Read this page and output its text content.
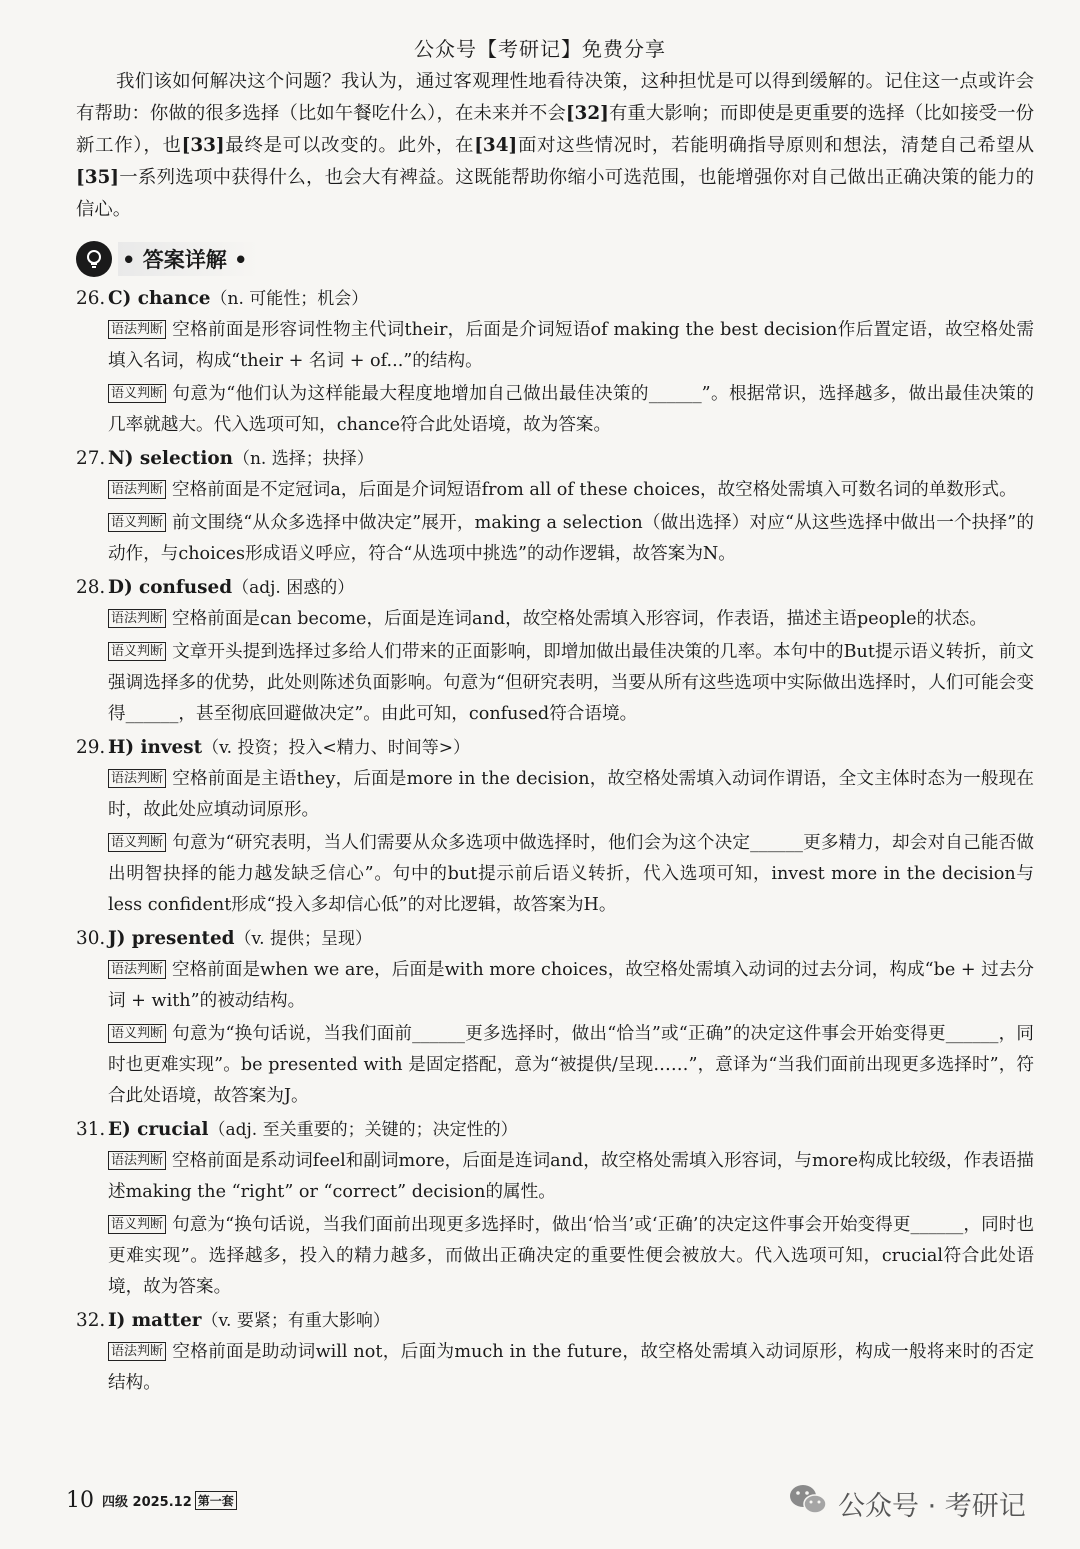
公众号【考研记】免费分享
我们该如何解决这个问题？我认为，通过客观理性地看待决策，这种担忧是可以得到缓解的。记住这一点或许会有帮助：你做的很多选择（比如午餐吃什么），在未来并不会[32]有重大影响；而即使是更重要的选择（比如接受一份新工作），也[33]最终是可以改变的。此外，在[34]面对这些情况时，若能明确指导原则和想法，清楚自己希望从[35]一系列选项中获得什么，也会大有裨益。这既能帮助你缩小可选范围，也能增强你对自己做出正确决策的能力的信心。
• 答案详解 •
26. C) chance（n. 可能性；机会）
语法判断 空格前面是形容词性物主代词their，后面是介词短语of making the best decision作后置定语，故空格处需填入名词，构成“their + 名词 + of...”的结构。
语义判断 句意为“他们认为这样能最大程度地增加自己做出最佳决策的______”。根据常识，选择越多，做出最佳决策的几率就越大。代入选项可知，chance符合此处语境，故为答案。
27. N) selection（n. 选择；抉择）
语法判断 空格前面是不定冠词a，后面是介词短语from all of these choices，故空格处需填入可数名词的单数形式。
语义判断 前文围绕“从众多选择中做决定”展开，making a selection（做出选择）对应“从这些选择中做出一个抉择”的动作，与choices形成语义呼应，符合“从选项中挑选”的动作逻辑，故答案为N。
28. D) confused（adj. 困惑的）
语法判断 空格前面是can become，后面是连词and，故空格处需填入形容词，作表语，描述主语people的状态。
语义判断 文章开头提到选择过多给人们带来的正面影响，即增加做出最佳决策的几率。本句中的But提示语义转折，前文强调选择多的优势，此处则陈述负面影响。句意为“但研究表明，当要从所有这些选项中实际做出选择时，人们可能会变得______，甚至彻底回避做决定”。由此可知，confused符合语境。
29. H) invest（v. 投资；投入<精力、时间等>）
语法判断 空格前面是主语they，后面是more in the decision，故空格处需填入动词作谓语，全文主体时态为一般现在时，故此处应填动词原形。
语义判断 句意为“研究表明，当人们需要从众多选项中做选择时，他们会为这个决定______更多精力，却会对自己能否做出明智抉择的能力越发缺乏信心”。句中的but提示前后语义转折，代入选项可知，invest more in the decision与less confident形成“投入多却信心低”的对比逻辑，故答案为H。
30. J) presented（v. 提供；呈现）
语法判断 空格前面是when we are，后面是with more choices，故空格处需填入动词的过去分词，构成“be + 过去分词 + with”的被动结构。
语义判断 句意为“换句话说，当我们面前______更多选择时，做出“恰当”或“正确”的决定这件事会开始变得更______，同时也更难实现”。be presented with 是固定搭配，意为“被提供/呈现……”，意译为“当我们面前出现更多选择时”，符合此处语境，故答案为J。
31. E) crucial（adj. 至关重要的；关键的；决定性的）
语法判断 空格前面是系动词feel和副词more，后面是连词and，故空格处需填入形容词，与more构成比较级，作表语描述making the “right” or “correct” decision的属性。
语义判断 句意为“换句话说，当我们面前出现更多选择时，做出‘恰当’或‘正确’的决定这件事会开始变得更______，同时也更难实现”。选择越多，投入的精力越多，而做出正确决定的重要性便会被放大。代入选项可知，crucial符合此处语境，故为答案。
32. I) matter（v. 要紧；有重大影响）
语法判断 空格前面是助动词will not，后面为much in the future，故空格处需填入动词原形，构成一般将来时的否定结构。
10 四级 2025.12 第一套	公众号 · 考研记
